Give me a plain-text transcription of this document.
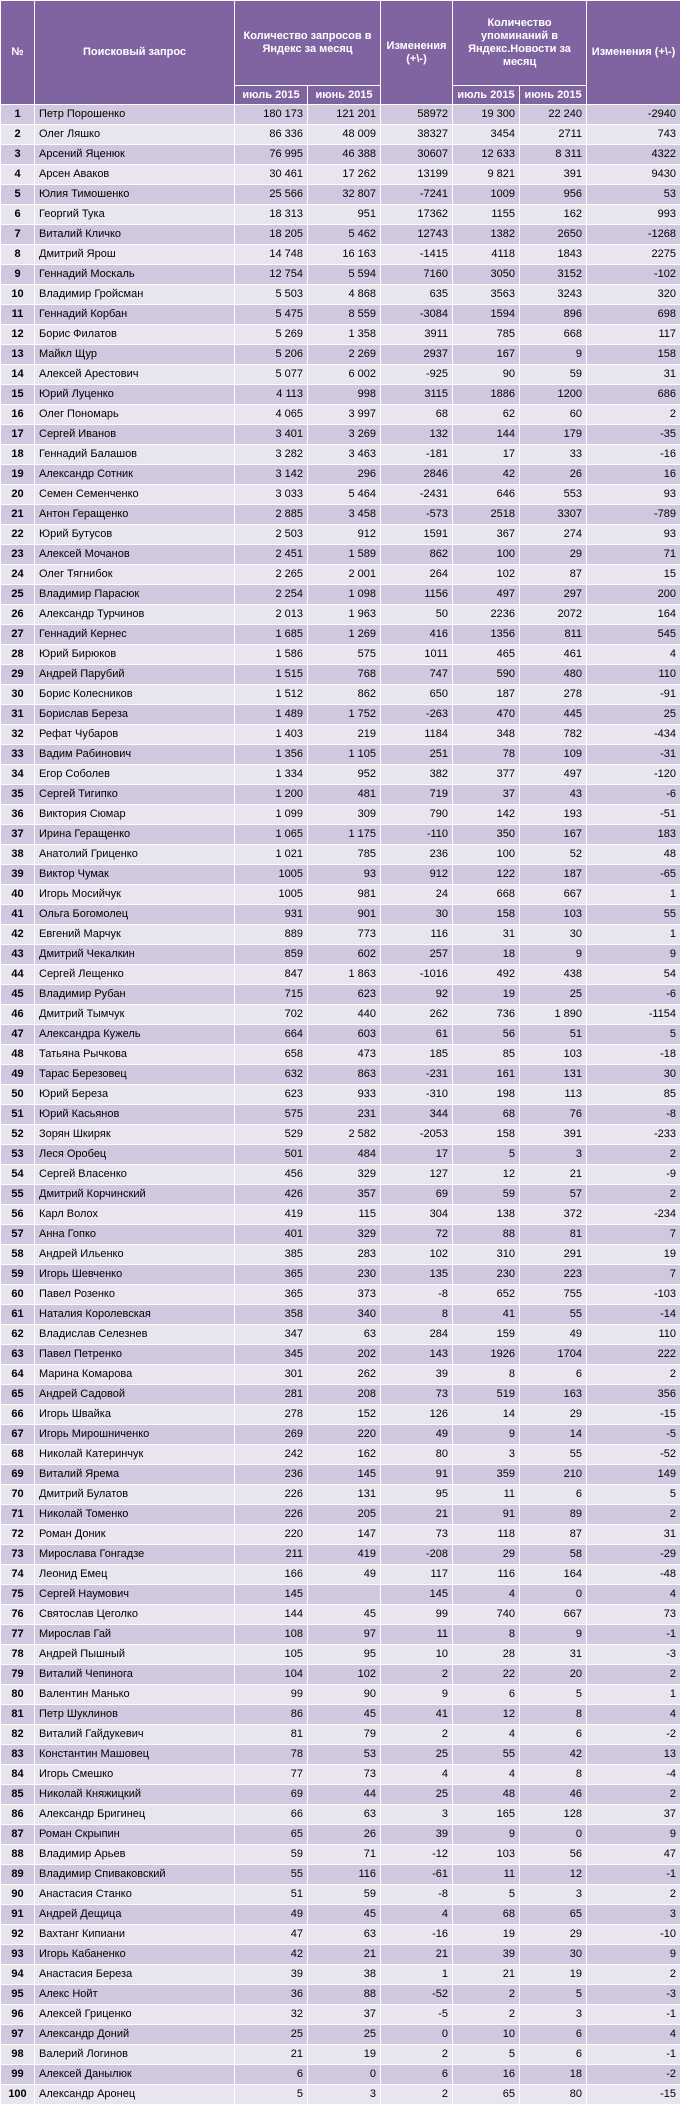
№	Поисковый запрос	Количество запросов в Яндекс за месяц		Изменения (+\-)	Количество упоминаний в Яндекс.Новости за месяц		Изменения (+\-)
		июль 2015	июнь 2015		июль 2015	июнь 2015	
1	Петр Порошенко	180 173	121 201	58972	19 300	22 240	-2940
2	Олег Ляшко	86 336	48 009	38327	3454	2711	743
3	Арсений Яценюк	76 995	46 388	30607	12 633	8 311	4322
4	Арсен Аваков	30 461	17 262	13199	9 821	391	9430
5	Юлия Тимошенко	25 566	32 807	-7241	1009	956	53
6	Георгий Тука	18 313	951	17362	1155	162	993
7	Виталий Кличко	18 205	5 462	12743	1382	2650	-1268
8	Дмитрий Ярош	14 748	16 163	-1415	4118	1843	2275
9	Геннадий Москаль	12 754	5 594	7160	3050	3152	-102
10	Владимир Гройсман	5 503	4 868	635	3563	3243	320
11	Геннадий Корбан	5 475	8 559	-3084	1594	896	698
12	Борис Филатов	5 269	1 358	3911	785	668	117
13	Майкл Щур	5 206	2 269	2937	167	9	158
14	Алексей Арестович	5 077	6 002	-925	90	59	31
15	Юрий Луценко	4 113	998	3115	1886	1200	686
16	Олег Пономарь	4 065	3 997	68	62	60	2
17	Сергей Иванов	3 401	3 269	132	144	179	-35
18	Геннадий Балашов	3 282	3 463	-181	17	33	-16
19	Александр Сотник	3 142	296	2846	42	26	16
20	Семен Семенченко	3 033	5 464	-2431	646	553	93
21	Антон Геращенко	2 885	3 458	-573	2518	3307	-789
22	Юрий Бутусов	2 503	912	1591	367	274	93
23	Алексей Мочанов	2 451	1 589	862	100	29	71
24	Олег Тягнибок	2 265	2 001	264	102	87	15
25	Владимир Парасюк	2 254	1 098	1156	497	297	200
26	Александр Турчинов	2 013	1 963	50	2236	2072	164
27	Геннадий Кернес	1 685	1 269	416	1356	811	545
28	Юрий Бирюков	1 586	575	1011	465	461	4
29	Андрей Парубий	1 515	768	747	590	480	110
30	Борис Колесников	1 512	862	650	187	278	-91
31	Борислав Береза	1 489	1 752	-263	470	445	25
32	Рефат Чубаров	1 403	219	1184	348	782	-434
33	Вадим Рабинович	1 356	1 105	251	78	109	-31
34	Егор Соболев	1 334	952	382	377	497	-120
35	Сергей Тигипко	1 200	481	719	37	43	-6
36	Виктория Сюмар	1 099	309	790	142	193	-51
37	Ирина Геращенко	1 065	1 175	-110	350	167	183
38	Анатолий Гриценко	1 021	785	236	100	52	48
39	Виктор Чумак	1005	93	912	122	187	-65
40	Игорь Мосийчук	1005	981	24	668	667	1
41	Ольга Богомолец	931	901	30	158	103	55
42	Евгений Марчук	889	773	116	31	30	1
43	Дмитрий Чекалкин	859	602	257	18	9	9
44	Сергей Лещенко	847	1 863	-1016	492	438	54
45	Владимир Рубан	715	623	92	19	25	-6
46	Дмитрий Тымчук	702	440	262	736	1 890	-1154
47	Александра Кужель	664	603	61	56	51	5
48	Татьяна Рычкова	658	473	185	85	103	-18
49	Тарас Березовец	632	863	-231	161	131	30
50	Юрий Береза	623	933	-310	198	113	85
51	Юрий Касьянов	575	231	344	68	76	-8
52	Зорян Шкиряк	529	2 582	-2053	158	391	-233
53	Леся Оробец	501	484	17	5	3	2
54	Сергей Власенко	456	329	127	12	21	-9
55	Дмитрий Корчинский	426	357	69	59	57	2
56	Карл Волох	419	115	304	138	372	-234
57	Анна Гопко	401	329	72	88	81	7
58	Андрей Ильенко	385	283	102	310	291	19
59	Игорь Шевченко	365	230	135	230	223	7
60	Павел Розенко	365	373	-8	652	755	-103
61	Наталия Королевская	358	340	8	41	55	-14
62	Владислав Селезнев	347	63	284	159	49	110
63	Павел Петренко	345	202	143	1926	1704	222
64	Марина Комарова	301	262	39	8	6	2
65	Андрей Садовой	281	208	73	519	163	356
66	Игорь Швайка	278	152	126	14	29	-15
67	Игорь Мирошниченко	269	220	49	9	14	-5
68	Николай Катеринчук	242	162	80	3	55	-52
69	Виталий Ярема	236	145	91	359	210	149
70	Дмитрий Булатов	226	131	95	11	6	5
71	Николай Томенко	226	205	21	91	89	2
72	Роман Доник	220	147	73	118	87	31
73	Мирослава Гонгадзе	211	419	-208	29	58	-29
74	Леонид Емец	166	49	117	116	164	-48
75	Сергей Наумович	145		145	4	0	4
76	Святослав Цеголко	144	45	99	740	667	73
77	Мирослав Гай	108	97	11	8	9	-1
78	Андрей Пышный	105	95	10	28	31	-3
79	Виталий Чепинога	104	102	2	22	20	2
80	Валентин Манько	99	90	9	6	5	1
81	Петр Шуклинов	86	45	41	12	8	4
82	Виталий Гайдукевич	81	79	2	4	6	-2
83	Константин Машовец	78	53	25	55	42	13
84	Игорь Смешко	77	73	4	4	8	-4
85	Николай Княжицкий	69	44	25	48	46	2
86	Александр Бригинец	66	63	3	165	128	37
87	Роман Скрыпин	65	26	39	9	0	9
88	Владимир Арьев	59	71	-12	103	56	47
89	Владимир Спиваковский	55	116	-61	11	12	-1
90	Анастасия Станко	51	59	-8	5	3	2
91	Андрей Дещица	49	45	4	68	65	3
92	Вахтанг Кипиани	47	63	-16	19	29	-10
93	Игорь Кабаненко	42	21	21	39	30	9
94	Анастасия Береза	39	38	1	21	19	2
95	Алекс Нойт	36	88	-52	2	5	-3
96	Алексей Гриценко	32	37	-5	2	3	-1
97	Александр Доний	25	25	0	10	6	4
98	Валерий Логинов	21	19	2	5	6	-1
99	Алексей Данылюк	6	0	6	16	18	-2
100	Александр Аронец	5	3	2	65	80	-15
